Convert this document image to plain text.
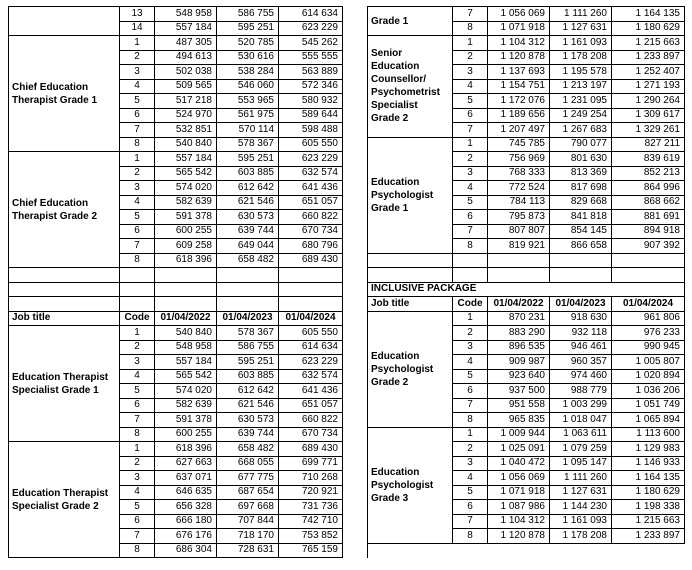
	13	548 958	586 755	614 634		Grade 1	7	1 056 069	1 111 260	1 164 135
	14	557 184	595 251	623 229			8	1 071 918	1 127 631	1 180 629
Chief Education Therapist Grade 1	1	487 305	520 785	545 262		Senior Education Counsellor/ Psychometrist Specialist Grade 2	1	1 104 312	1 161 093	1 215 663
	2	494 613	530 616	555 555			2	1 120 878	1 178 208	1 233 897
	3	502 038	538 284	563 889			3	1 137 693	1 195 578	1 252 407
	4	509 565	546 060	572 346			4	1 154 751	1 213 197	1 271 193
	5	517 218	553 965	580 932			5	1 172 076	1 231 095	1 290 264
	6	524 970	561 975	589 644			6	1 189 656	1 249 254	1 309 617
	7	532 851	570 114	598 488			7	1 207 497	1 267 683	1 329 261
	8	540 840	578 367	605 550		Education Psychologist Grade 1	1	745 785	790 077	827 211
Chief Education Therapist Grade 2	1	557 184	595 251	623 229			2	756 969	801 630	839 619
	2	565 542	603 885	632 574			3	768 333	813 369	852 213
	3	574 020	612 642	641 436			4	772 524	817 698	864 996
	4	582 639	621 546	651 057			5	784 113	829 668	868 662
	5	591 378	630 573	660 822			6	795 873	841 818	881 691
	6	600 255	639 744	670 734			7	807 807	854 145	894 918
	7	609 258	649 044	680 796			8	819 921	866 658	907 392
	8	618 396	658 482	689 430						

						INCLUSIVE PACKAGE				
						Job title	Code	01/04/2022	01/04/2023	01/04/2024
Job title	Code	01/04/2022	01/04/2023	01/04/2024		Education Psychologist Grade 2	1	870 231	918 630	961 806
Education Therapist Specialist Grade 1	1	540 840	578 367	605 550			2	883 290	932 118	976 233
	2	548 958	586 755	614 634			3	896 535	946 461	990 945
	3	557 184	595 251	623 229			4	909 987	960 357	1 005 807
	4	565 542	603 885	632 574			5	923 640	974 460	1 020 894
	5	574 020	612 642	641 436			6	937 500	988 779	1 036 206
	6	582 639	621 546	651 057			7	951 558	1 003 299	1 051 749
	7	591 378	630 573	660 822			8	965 835	1 018 047	1 065 894
	8	600 255	639 744	670 734		Education Psychologist Grade 3	1	1 009 944	1 063 611	1 113 600
Education Therapist Specialist Grade 2	1	618 396	658 482	689 430			2	1 025 091	1 079 259	1 129 983
	2	627 663	668 055	699 771			3	1 040 472	1 095 147	1 146 933
	3	637 071	677 775	710 268			4	1 056 069	1 111 260	1 164 135
	4	646 635	687 654	720 921			5	1 071 918	1 127 631	1 180 629
	5	656 328	697 668	731 736			6	1 087 986	1 144 230	1 198 338
	6	666 180	707 844	742 710			7	1 104 312	1 161 093	1 215 663
	7	676 176	718 170	753 852			8	1 120 878	1 178 208	1 233 897
	8	686 304	728 631	765 159						
